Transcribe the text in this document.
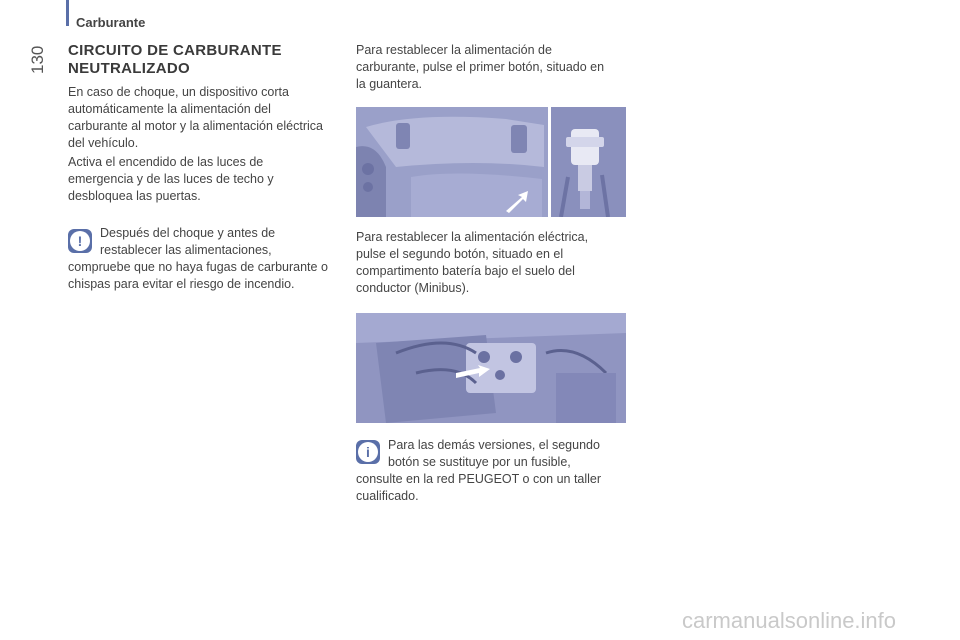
Carburante
130 CIRCUITO DE CARBURANTE NEUTRALIZADO

En caso de choque, un dispositivo corta automáticamente la alimentación del carburante al motor y la alimentación eléctrica del vehículo.

Activa el encendido de las luces de emergencia y de las luces de techo y desbloquea las puertas.

!	Después del choque y antes de

restablecer las alimentaciones,

compruebe que no haya fugas de carburante o chispas para evitar el riesgo de incendio.

Para restablecer la alimentación de carburante, pulse el primer botón, situado en la guantera.

Para restablecer la alimentación eléctrica, pulse el segundo botón, situado en el compartimento batería bajo el suelo del conductor (Minibus).

i	Para las demás versiones, el segundo

botón se sustituye por un fusible,

consulte en la red PEUGEOT o con un taller cualificado.

carmanualsonline.info
